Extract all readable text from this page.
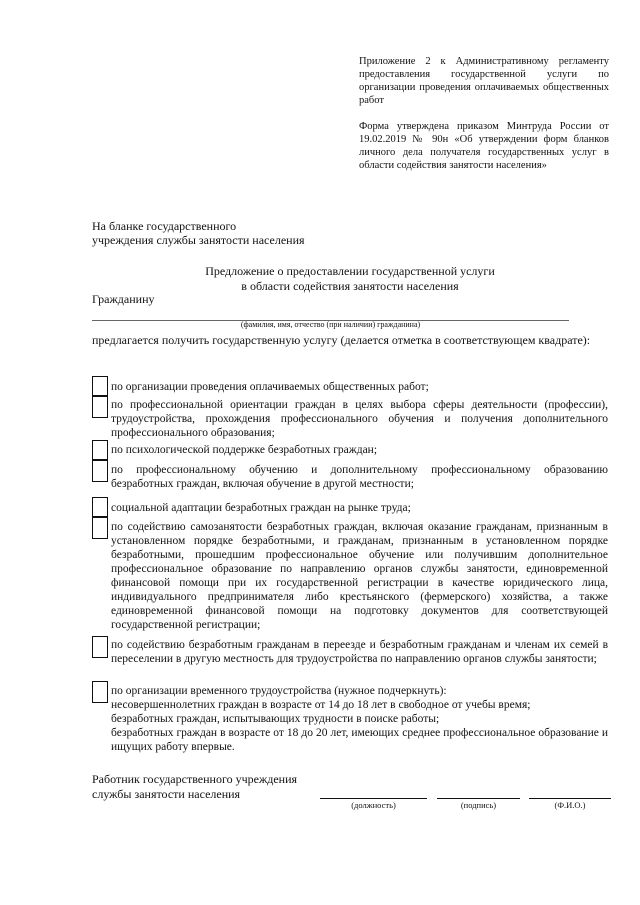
Приложение 2 к Административному регламенту предоставления государственной услуги по организации проведения оплачиваемых общественных работ

Форма утверждена приказом Минтруда России от 19.02.2019 № 90н «Об утверждении форм бланков личного дела получателя государственных услуг в области содействия занятости населения»

На бланке государственного
учреждения службы занятости населения
Предложение о предоставлении государственной услуги
в области содействия занятости населения
Гражданину
(фамилия, имя, отчество (при наличии) гражданина)
предлагается получить государственную услугу (делается отметка в соответствующем квадрате):
по организации проведения оплачиваемых общественных работ;
по профессиональной ориентации граждан в целях выбора сферы деятельности (профессии), трудоустройства, прохождения профессионального обучения и получения дополнительного профессионального образования;
по психологической поддержке безработных граждан;
по профессиональному обучению и дополнительному профессиональному образованию безработных граждан, включая обучение в другой местности;
социальной адаптации безработных граждан на рынке труда;
по содействию самозанятости безработных граждан, включая оказание гражданам, признанным в установленном порядке безработными, и гражданам, признанным в установленном порядке безработными, прошедшим профессиональное обучение или получившим дополнительное профессиональное образование по направлению органов службы занятости, единовременной финансовой помощи при их государственной регистрации в качестве юридического лица, индивидуального предпринимателя либо крестьянского (фермерского) хозяйства, а также единовременной финансовой помощи на подготовку документов для соответствующей государственной регистрации;
по содействию безработным гражданам в переезде и безработным гражданам и членам их семей в переселении в другую местность для трудоустройства по направлению органов службы занятости;
по организации временного трудоустройства (нужное подчеркнуть):
несовершеннолетних граждан в возрасте от 14 до 18 лет в свободное от учебы время;
безработных граждан, испытывающих трудности в поиске работы;
безработных граждан в возрасте от 18 до 20 лет, имеющих среднее профессиональное образование и ищущих работу впервые.
Работник государственного учреждения
службы занятости населения
(должность)	(подпись)	(Ф.И.О.)
